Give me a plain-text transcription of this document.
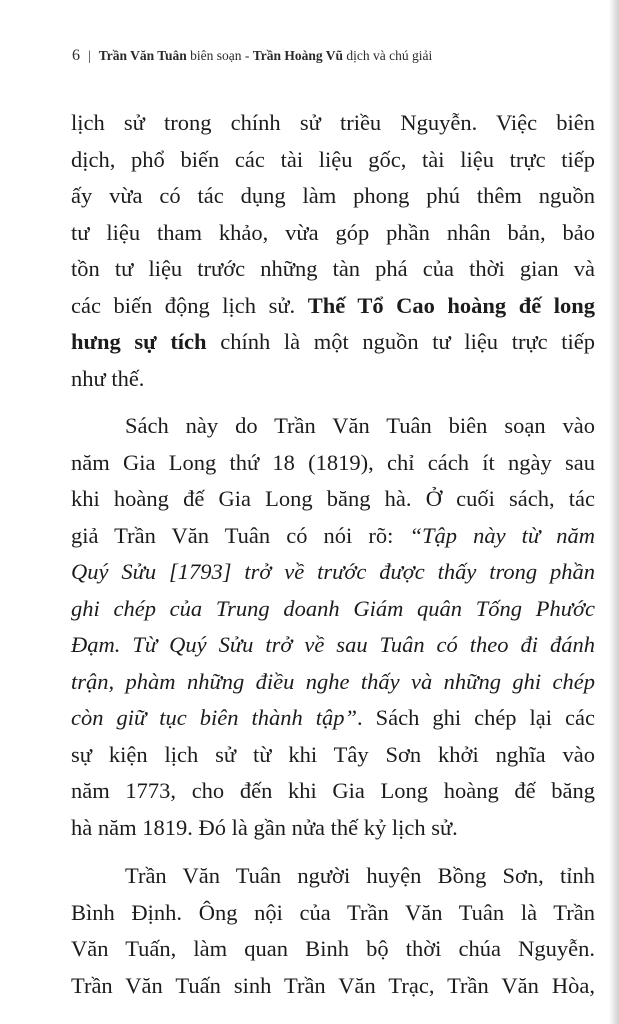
6 | Trần Văn Tuân biên soạn - Trần Hoàng Vũ dịch và chú giải
lịch sử trong chính sử triều Nguyễn. Việc biên
dịch, phổ biến các tài liệu gốc, tài liệu trực tiếp
ấy vừa có tác dụng làm phong phú thêm nguồn
tư liệu tham khảo, vừa góp phần nhân bản, bảo
tồn tư liệu trước những tàn phá của thời gian và
các biến động lịch sử. Thế Tổ Cao hoàng đế long
hưng sự tích chính là một nguồn tư liệu trực tiếp
như thế.
Sách này do Trần Văn Tuân biên soạn vào
năm Gia Long thứ 18 (1819), chỉ cách ít ngày sau
khi hoàng đế Gia Long băng hà. Ở cuối sách, tác
giả Trần Văn Tuân có nói rõ: “Tập này từ năm
Quý Sửu [1793] trở về trước được thấy trong phần
ghi chép của Trung doanh Giám quân Tống Phước
Đạm. Từ Quý Sửu trở về sau Tuân có theo đi đánh
trận, phàm những điều nghe thấy và những ghi chép
còn giữ tục biên thành tập”. Sách ghi chép lại các
sự kiện lịch sử từ khi Tây Sơn khởi nghĩa vào
năm 1773, cho đến khi Gia Long hoàng đế băng
hà năm 1819. Đó là gần nửa thế kỷ lịch sử.
Trần Văn Tuân người huyện Bồng Sơn, tỉnh
Bình Định. Ông nội của Trần Văn Tuân là Trần
Văn Tuấn, làm quan Binh bộ thời chúa Nguyễn.
Trần Văn Tuấn sinh Trần Văn Trạc, Trần Văn Hòa,
